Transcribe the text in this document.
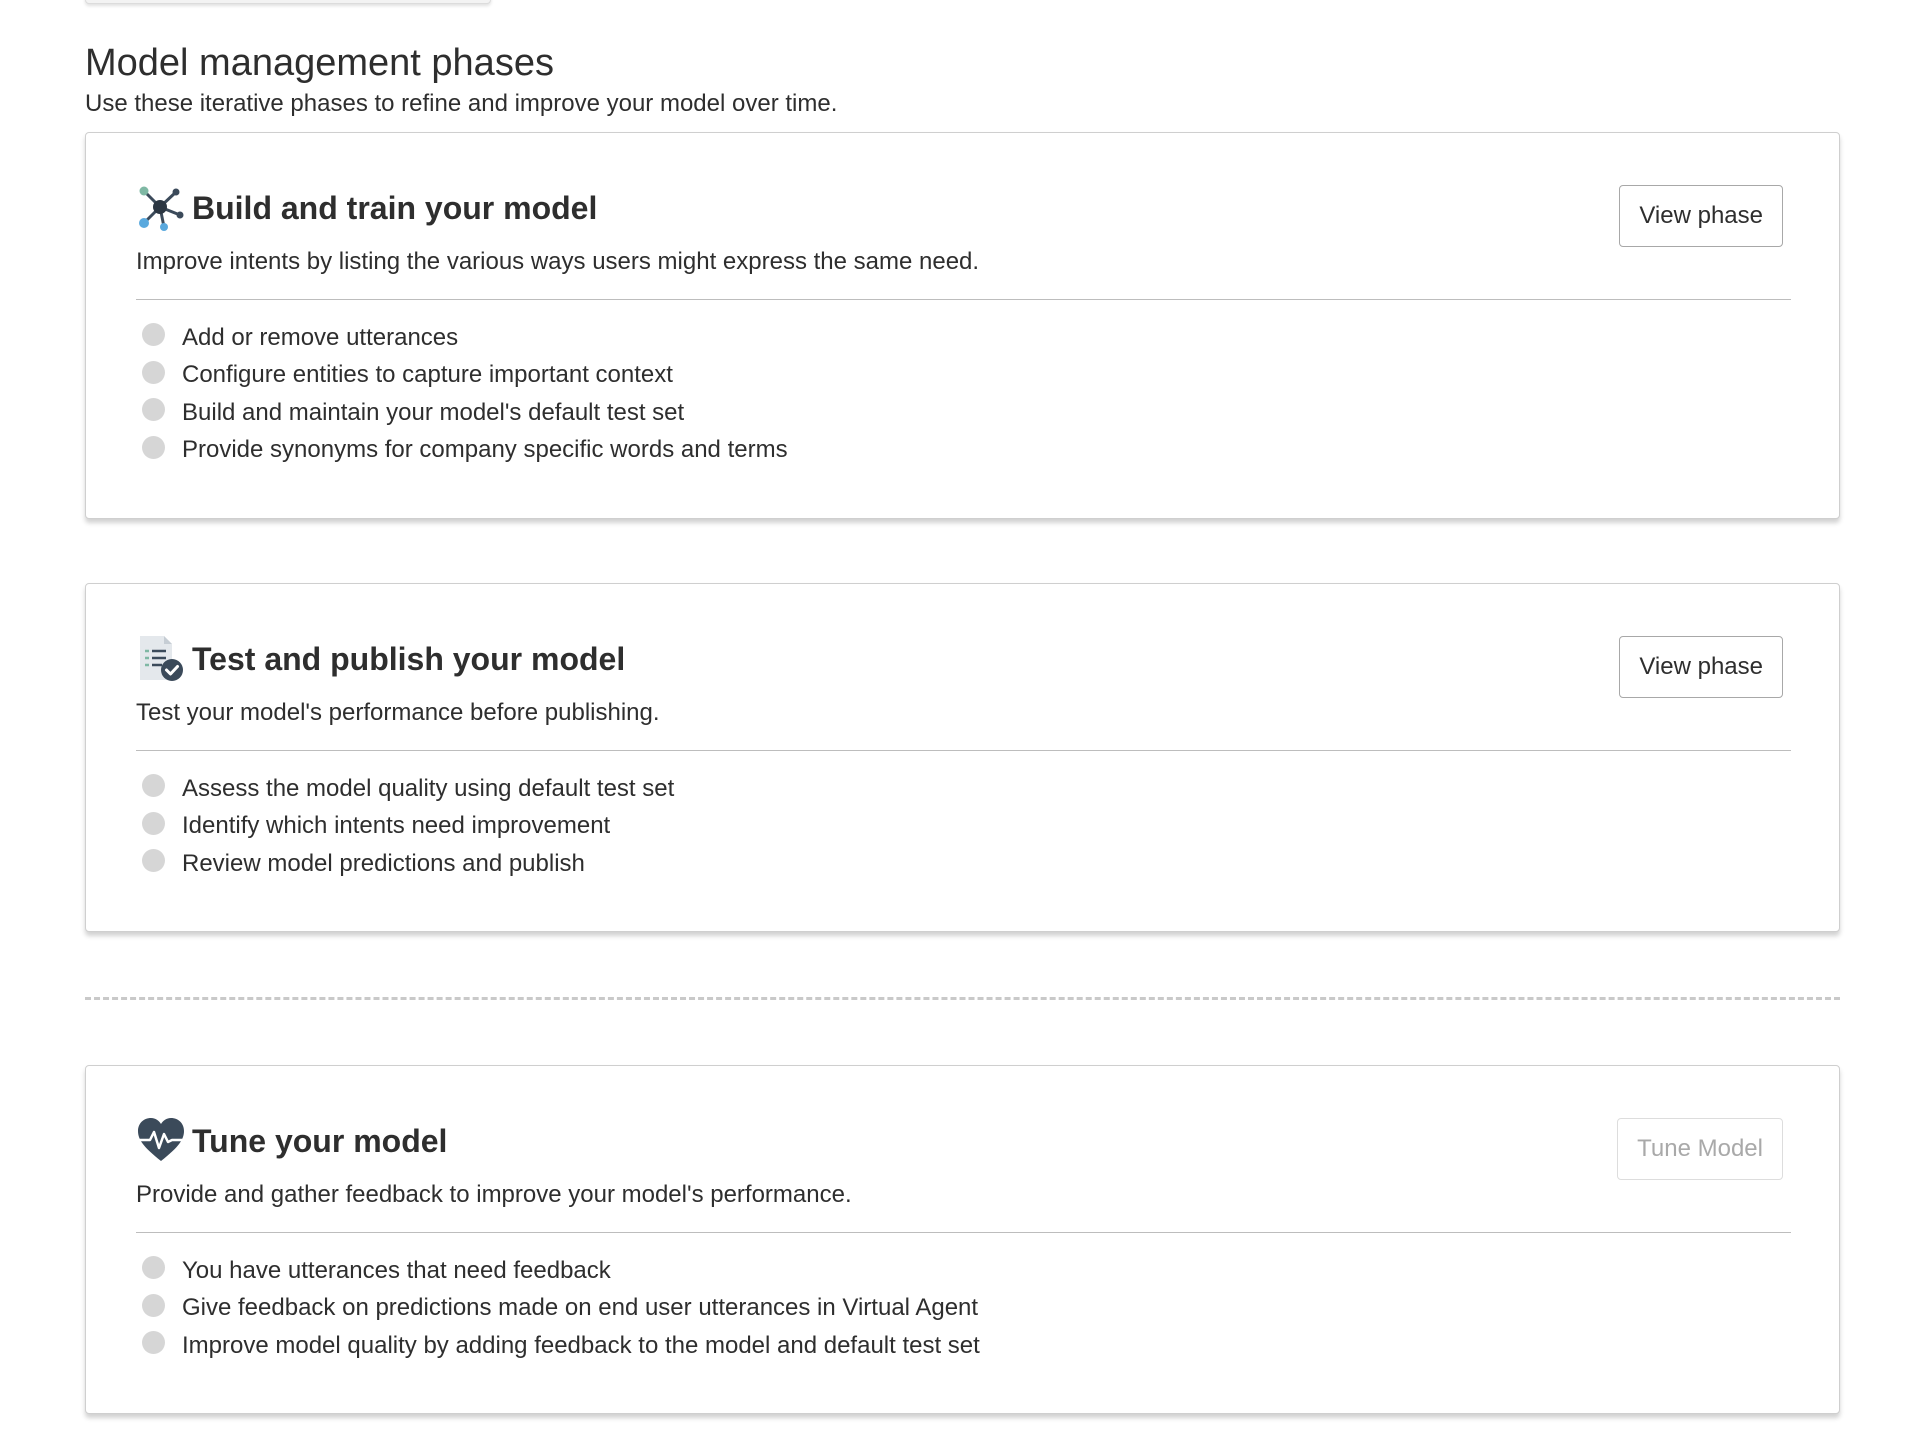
Model management phases

Use these iterative phases to refine and improve your model over time.

Build and train your model	View phase
Improve intents by listing the various ways users might express the same need.
Add or remove utterances
Configure entities to capture important context
Build and maintain your model's default test set
Provide synonyms for company specific words and terms
Test and publish your model	View phase
Test your model's performance before publishing.
Assess the model quality using default test set
Identify which intents need improvement
Review model predictions and publish
Tune your model	Tune Model
Provide and gather feedback to improve your model's performance.
You have utterances that need feedback
Give feedback on predictions made on end user utterances in Virtual Agent
Improve model quality by adding feedback to the model and default test set
